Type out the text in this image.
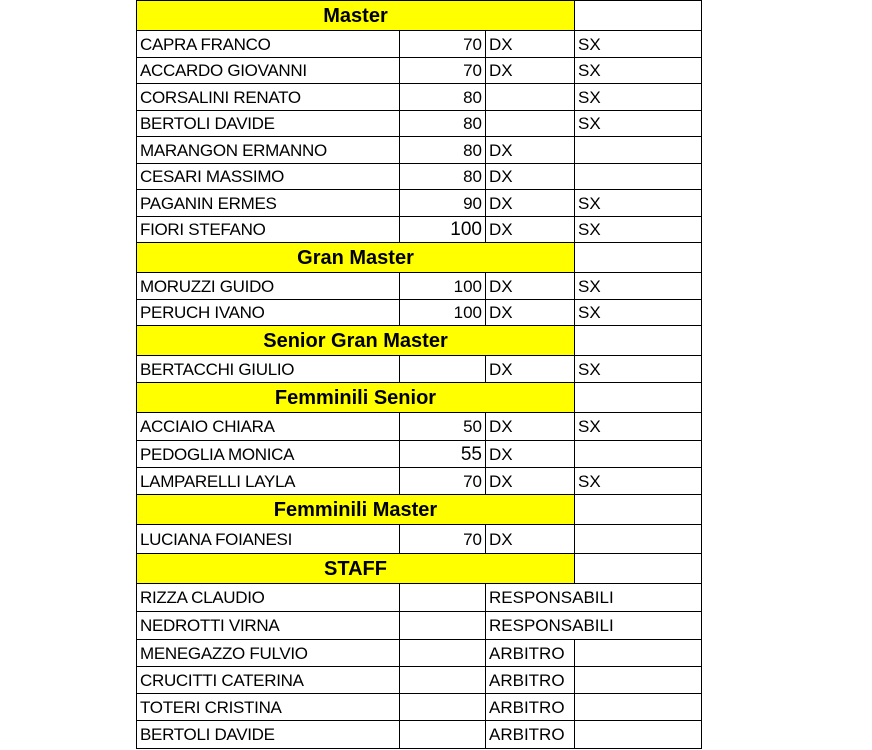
Master			
CAPRA FRANCO	70	DX	SX
ACCARDO GIOVANNI	70	DX	SX
CORSALINI RENATO	80		SX
BERTOLI DAVIDE	80		SX
MARANGON ERMANNO	80	DX	
CESARI MASSIMO	80	DX	
PAGANIN ERMES	90	DX	SX
FIORI STEFANO	100	DX	SX
Gran Master			
MORUZZI GUIDO	100	DX	SX
PERUCH IVANO	100	DX	SX
Senior Gran Master			
BERTACCHI GIULIO		DX	SX
Femminili Senior			
ACCIAIO CHIARA	50	DX	SX
PEDOGLIA MONICA	55	DX	
LAMPARELLI LAYLA	70	DX	SX
Femminili Master			
LUCIANA FOIANESI	70	DX	
STAFF			
RIZZA CLAUDIO		RESPONSABILI	
NEDROTTI VIRNA		RESPONSABILI	
MENEGAZZO FULVIO		ARBITRO	
CRUCITTI CATERINA		ARBITRO	
TOTERI CRISTINA		ARBITRO	
BERTOLI DAVIDE		ARBITRO	
